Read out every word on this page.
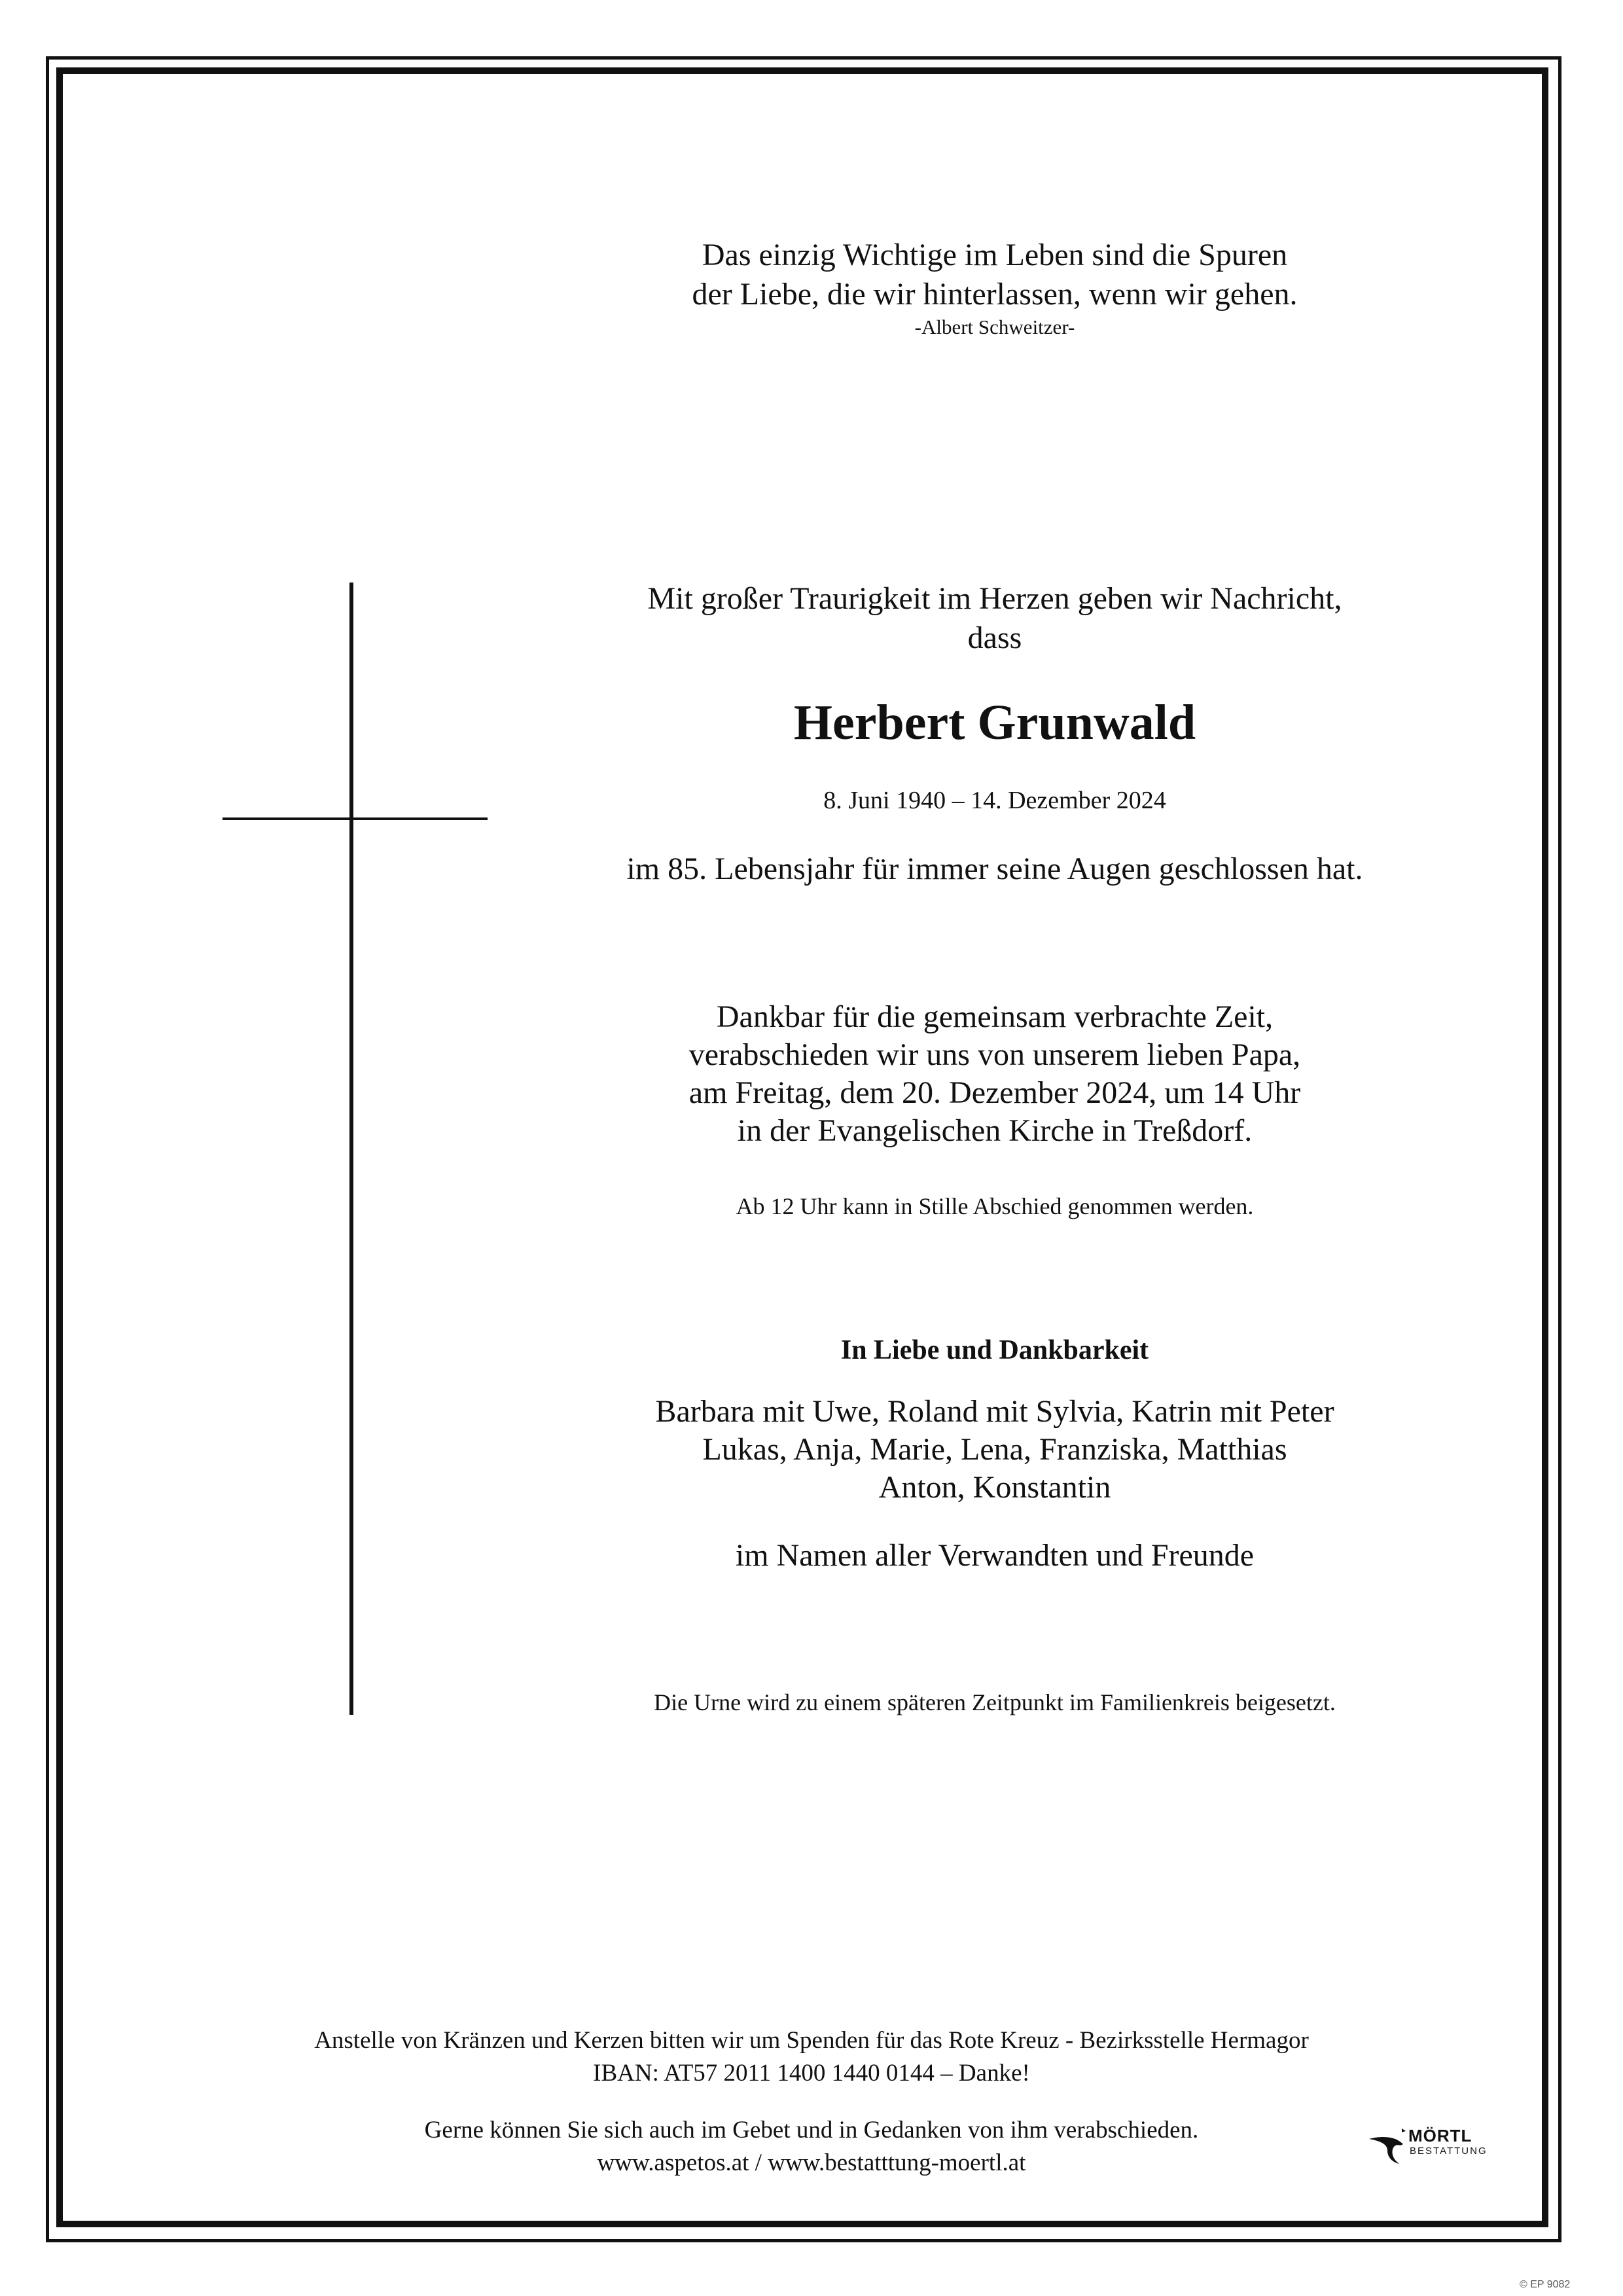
Das einzig Wichtige im Leben sind die Spuren
der Liebe, die wir hinterlassen, wenn wir gehen.
-Albert Schweitzer-
Mit großer Traurigkeit im Herzen geben wir Nachricht,
dass
Herbert Grunwald
8. Juni 1940 – 14. Dezember 2024
im 85. Lebensjahr für immer seine Augen geschlossen hat.
Dankbar für die gemeinsam verbrachte Zeit,
verabschieden wir uns von unserem lieben Papa,
am Freitag, dem 20. Dezember 2024, um 14 Uhr
in der Evangelischen Kirche in Treßdorf.
Ab 12 Uhr kann in Stille Abschied genommen werden.
In Liebe und Dankbarkeit
Barbara mit Uwe, Roland mit Sylvia, Katrin mit Peter
Lukas, Anja, Marie, Lena, Franziska, Matthias
Anton, Konstantin
im Namen aller Verwandten und Freunde
Die Urne wird zu einem späteren Zeitpunkt im Familienkreis beigesetzt.
Anstelle von Kränzen und Kerzen bitten wir um Spenden für das Rote Kreuz - Bezirksstelle Hermagor
IBAN: AT57 2011 1400 1440 0144 – Danke!
Gerne können Sie sich auch im Gebet und in Gedanken von ihm verabschieden.
www.aspetos.at / www.bestatttung-moertl.at
MÖRTL
BESTATTUNG
© EP 9082
